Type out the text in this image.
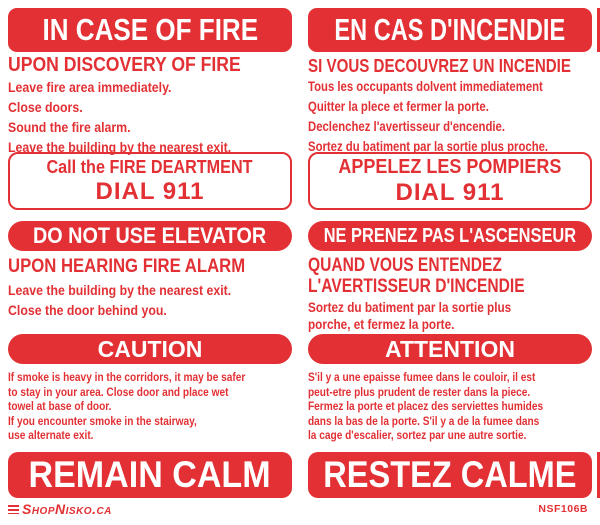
IN CASE OF FIRE
UPON DISCOVERY OF FIRE
Leave fire area immediately.
Close doors.
Sound the fire alarm.
Leave the building by the nearest exit.
Call the FIRE DEARTMENT
DIAL 911
DO NOT USE ELEVATOR
UPON HEARING FIRE ALARM
Leave the building by the nearest exit.
Close the door behind you.
CAUTION
If smoke is heavy in the corridors, it may be safer
to stay in your area. Close door and place wet
towel at base of door.
If you encounter smoke in the stairway,
use alternate exit.
REMAIN CALM
EN CAS D'INCENDIE
SI VOUS DECOUVREZ UN INCENDIE
Tous les occupants dolvent immediatement
Quitter la plece et fermer la porte.
Declenchez l'avertisseur d'encendie.
Sortez du batiment par la sortie plus proche.
APPELEZ LES POMPIERS
DIAL 911
NE PRENEZ PAS L'ASCENSEUR
QUAND VOUS ENTENDEZ
L'AVERTISSEUR D'INCENDIE
Sortez du batiment par la sortie plus
porche, et fermez la porte.
ATTENTION
S'il y a une epaisse fumee dans le couloir, il est
peut-etre plus prudent de rester dans la piece.
Fermez la porte et placez des serviettes humides
dans la bas de la porte. S'il y a de la fumee dans
la cage d'escalier, sortez par une autre sortie.
RESTEZ CALME
NSF106B
ShopNisko.ca
